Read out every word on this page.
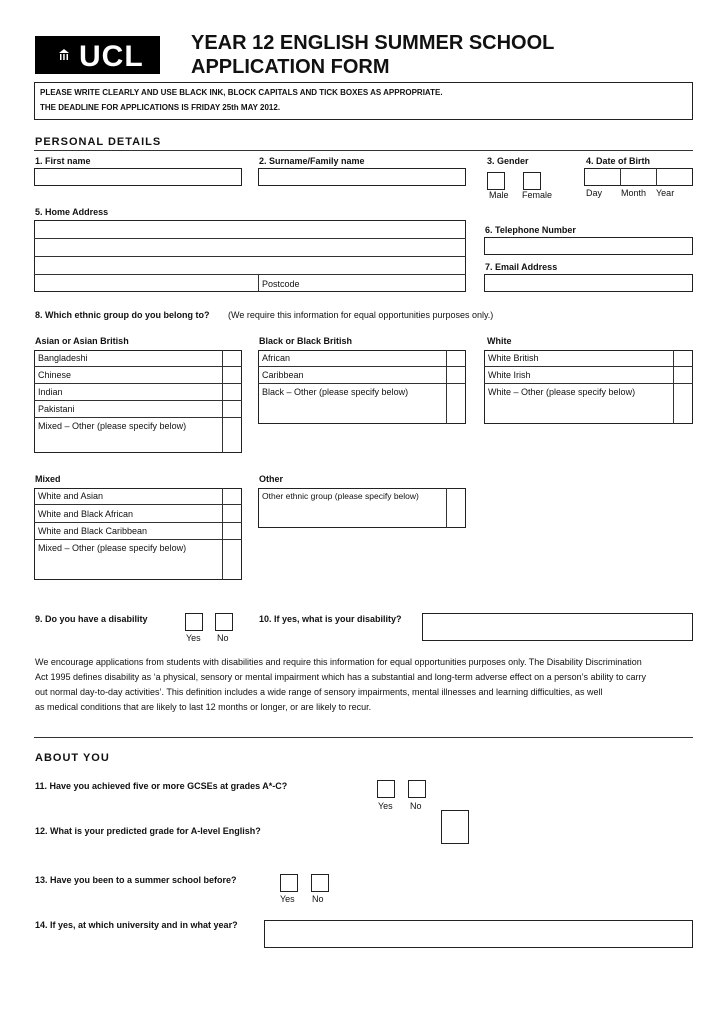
UCL YEAR 12 ENGLISH SUMMER SCHOOL
APPLICATION FORM
PLEASE WRITE CLEARLY AND USE BLACK INK, BLOCK CAPITALS AND TICK BOXES AS APPROPRIATE.
THE DEADLINE FOR APPLICATIONS IS FRIDAY 25th MAY 2012.
PERSONAL DETAILS
1. First name	2. Surname/Family name	3. Gender	4. Date of Birth
Male Female	Day Month Year
5. Home Address
Postcode
6. Telephone Number
7. Email Address
8. Which ethnic group do you belong to? (We require this information for equal opportunities purposes only.)
Asian or Asian British	Black or Black British	White
Bangladeshi
Chinese
Indian
Pakistani
Mixed – Other (please specify below)
African
Caribbean
Black – Other (please specify below)
White British
White Irish
White – Other (please specify below)
Mixed	Other
White and Asian
White and Black African
White and Black Caribbean
Mixed – Other (please specify below)
Other ethnic group (please specify below)
9. Do you have a disability
Yes No
10. If yes, what is your disability?
We encourage applications from students with disabilities and require this information for equal opportunities purposes only. The Disability Discrimination
Act 1995 defines disability as ‘a physical, sensory or mental impairment which has a substantial and long-term adverse effect on a person’s ability to carry
out normal day-to-day activities’. This definition includes a wide range of sensory impairments, mental illnesses and learning difficulties, as well
as medical conditions that are likely to last 12 months or longer, or are likely to recur.
ABOUT YOU
11. Have you achieved five or more GCSEs at grades A*-C?
Yes No
12. What is your predicted grade for A-level English?
13. Have you been to a summer school before?
Yes No
14. If yes, at which university and in what year?
